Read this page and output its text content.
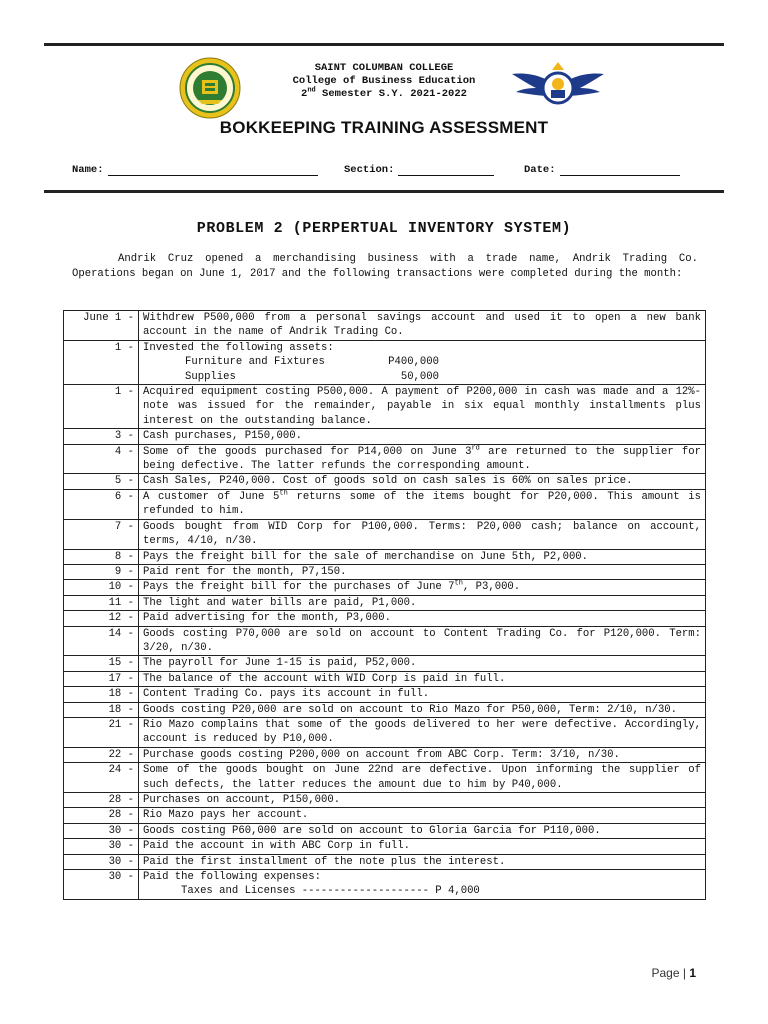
SAINT COLUMBAN COLLEGE
College of Business Education
2nd Semester S.Y. 2021-2022
BOKKEEPING TRAINING ASSESSMENT
Name:	Section:	Date:
PROBLEM 2 (PERPERTUAL INVENTORY SYSTEM)
Andrik Cruz opened a merchandising business with a trade name, Andrik Trading Co. Operations began on June 1, 2017 and the following transactions were completed during the month:
June 1 -	Withdrew P500,000 from a personal savings account and used it to open a new bank account in the name of Andrik Trading Co.
1 -	Invested the following assets:
Furniture and Fixtures P400,000
Supplies 50,000

1 -	Acquired equipment costing P500,000. A payment of P200,000 in cash was made and a 12%-note was issued for the remainder, payable in six equal monthly installments plus interest on the outstanding balance.
3 -	Cash purchases, P150,000.
4 -	Some of the goods purchased for P14,000 on June 3rd are returned to the supplier for being defective. The latter refunds the corresponding amount.
5 -	Cash Sales, P240,000. Cost of goods sold on cash sales is 60% on sales price.
6 -	A customer of June 5th returns some of the items bought for P20,000. This amount is refunded to him.
7 -	Goods bought from WID Corp for P100,000. Terms: P20,000 cash; balance on account, terms, 4/10, n/30.
8 -	Pays the freight bill for the sale of merchandise on June 5th, P2,000.
9 -	Paid rent for the month, P7,150.
10 -	Pays the freight bill for the purchases of June 7th, P3,000.
11 -	The light and water bills are paid, P1,000.
12 -	Paid advertising for the month, P3,000.
14 -	Goods costing P70,000 are sold on account to Content Trading Co. for P120,000. Term: 3/20, n/30.
15 -	The payroll for June 1-15 is paid, P52,000.
17 -	The balance of the account with WID Corp is paid in full.
18 -	Content Trading Co. pays its account in full.
18 -	Goods costing P20,000 are sold on account to Rio Mazo for P50,000, Term: 2/10, n/30.
21 -	Rio Mazo complains that some of the goods delivered to her were defective. Accordingly, account is reduced by P10,000.
22 -	Purchase goods costing P200,000 on account from ABC Corp. Term: 3/10, n/30.
24 -	Some of the goods bought on June 22nd are defective. Upon informing the supplier of such defects, the latter reduces the amount due to him by P40,000.
28 -	Purchases on account, P150,000.
28 -	Rio Mazo pays her account.
30 -	Goods costing P60,000 are sold on account to Gloria Garcia for P110,000.
30 -	Paid the account in with ABC Corp in full.
30 -	Paid the first installment of the note plus the interest.
30 -	Paid the following expenses:
Taxes and Licenses -------------------- P 4,000
Page | 1
